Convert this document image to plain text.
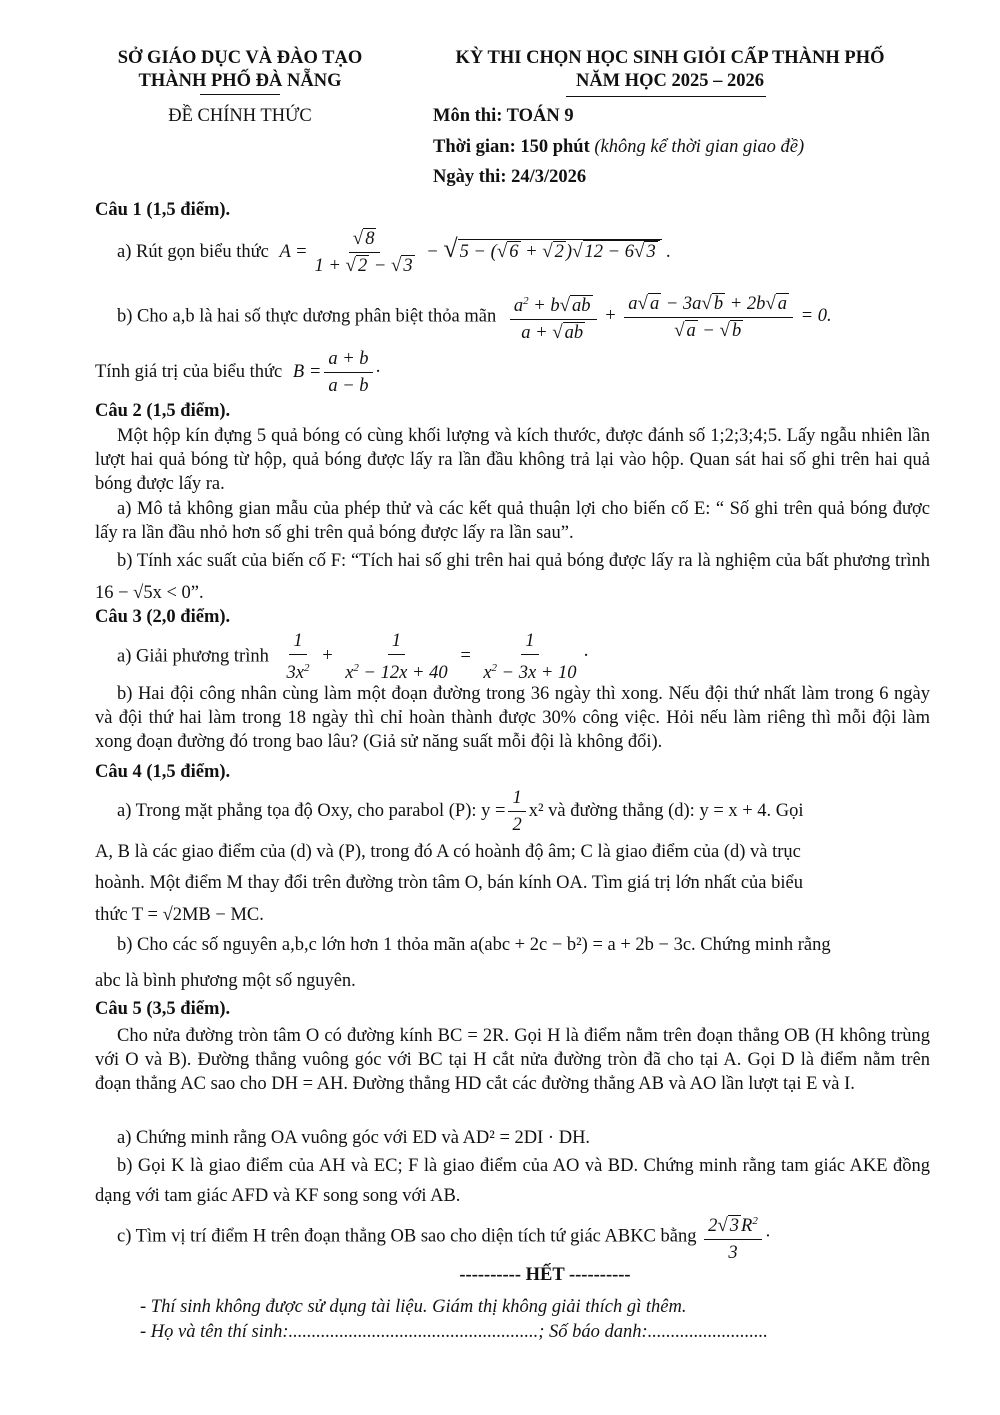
SỞ GIÁO DỤC VÀ ĐÀO TẠO
THÀNH PHỐ ĐÀ NẴNG
ĐỀ CHÍNH THỨC
KỲ THI CHỌN HỌC SINH GIỎI CẤP THÀNH PHỐ
NĂM HỌC 2025 – 2026
Môn thi: TOÁN 9
Thời gian: 150 phút (không kể thời gian giao đề)
Ngày thi: 24/3/2026
Câu 1 (1,5 điểm).
a) Rút gọn biểu thức $A = \frac{√ 8}{1 + √ 2 - √ 3}$ − √ 5 − (√ 6 + √ 2 )√ 12 − 6√ 3 .
b) Cho a,b là hai số thực dương phân biệt thỏa mãn $\frac{a^2 + b√ ab}{a + √ ab} + \frac{a√ a - 3a√ b + 2b√ a}{√ a - √ b} = 0$.
Tính giá trị của biểu thức $B = \frac{a + b}{a - b}$ ·
Câu 2 (1,5 điểm).
Một hộp kín đựng 5 quả bóng có cùng khối lượng và kích thước, được đánh số 1;2;3;4;5. Lấy ngẫu nhiên lần lượt hai quả bóng từ hộp, quả bóng được lấy ra lần đầu không trả lại vào hộp. Quan sát hai số ghi trên hai quả bóng được lấy ra.
a) Mô tả không gian mẫu của phép thử và các kết quả thuận lợi cho biến cố E: “ Số ghi trên quả bóng được lấy ra lần đầu nhỏ hơn số ghi trên quả bóng được lấy ra lần sau”.
b) Tính xác suất của biến cố F: “Tích hai số ghi trên hai quả bóng được lấy ra là nghiệm của bất phương trình 16 − √5x < 0”.
Câu 3 (2,0 điểm).
a) Giải phương trình $\frac{1}{3x^2} + \frac{1}{x^2 - 12x + 40} = \frac{1}{x^2 - 3x + 10}$ ·
b) Hai đội công nhân cùng làm một đoạn đường trong 36 ngày thì xong. Nếu đội thứ nhất làm trong 6 ngày và đội thứ hai làm trong 18 ngày thì chỉ hoàn thành được 30% công việc. Hỏi nếu làm riêng thì mỗi đội làm xong đoạn đường đó trong bao lâu? (Giả sử năng suất mỗi đội là không đổi).
Câu 4 (1,5 điểm).
a) Trong mặt phẳng tọa độ Oxy, cho parabol (P): $y = \frac{1}{2} x^2$ và đường thẳng (d): y = x + 4. Gọi
A, B là các giao điểm của (d) và (P), trong đó A có hoành độ âm; C là giao điểm của (d) và trục
hoành. Một điểm M thay đổi trên đường tròn tâm O, bán kính OA. Tìm giá trị lớn nhất của biểu
thức T = √2MB − MC.
b) Cho các số nguyên a,b,c lớn hơn 1 thỏa mãn a(abc + 2c − b²) = a + 2b − 3c. Chứng minh rằng
abc là bình phương một số nguyên.
Câu 5 (3,5 điểm).
Cho nửa đường tròn tâm O có đường kính BC = 2R. Gọi H là điểm nằm trên đoạn thẳng OB (H không trùng với O và B). Đường thẳng vuông góc với BC tại H cắt nửa đường tròn đã cho tại A. Gọi D là điểm nằm trên đoạn thẳng AC sao cho DH = AH. Đường thẳng HD cắt các đường thẳng AB và AO lần lượt tại E và I.
a) Chứng minh rằng OA vuông góc với ED và AD² = 2DI · DH.
b) Gọi K là giao điểm của AH và EC; F là giao điểm của AO và BD. Chứng minh rằng tam giác AKE đồng dạng với tam giác AFD và KF song song với AB.
c) Tìm vị trí điểm H trên đoạn thẳng OB sao cho diện tích tứ giác ABKC bằng $\frac{2√ 3 R^2}{3}$ ·
---------- HẾT ----------
- Thí sinh không được sử dụng tài liệu. Giám thị không giải thích gì thêm.
- Họ và tên thí sinh:......................................................; Số báo danh:..........................
